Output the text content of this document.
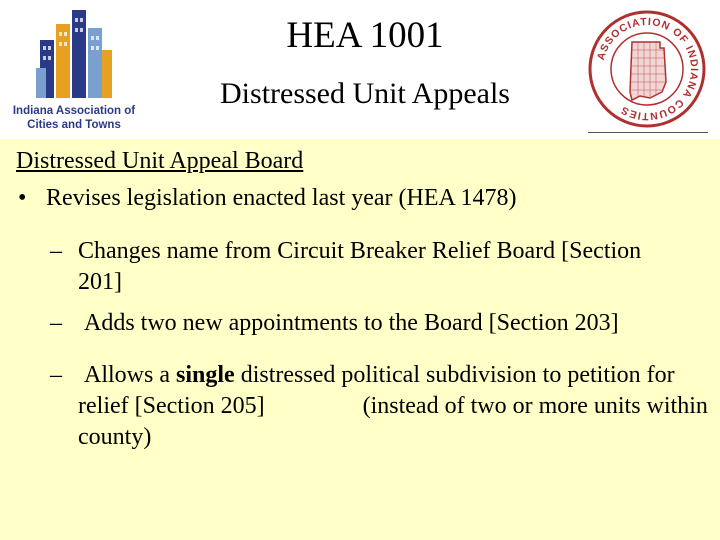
Indiana Association of
Cities and Towns
HEA 1001
Distressed Unit Appeals
ASSOCIATION OF INDIANA COUNTIES
Distressed Unit Appeal Board
• Revises legislation enacted last year (HEA 1478)
– Changes name from Circuit Breaker Relief Board [Section 201]
– Adds two new appointments to the Board [Section 203]
– Allows a single distressed political subdivision to petition for relief [Section 205]	(instead of two or more units within county)
